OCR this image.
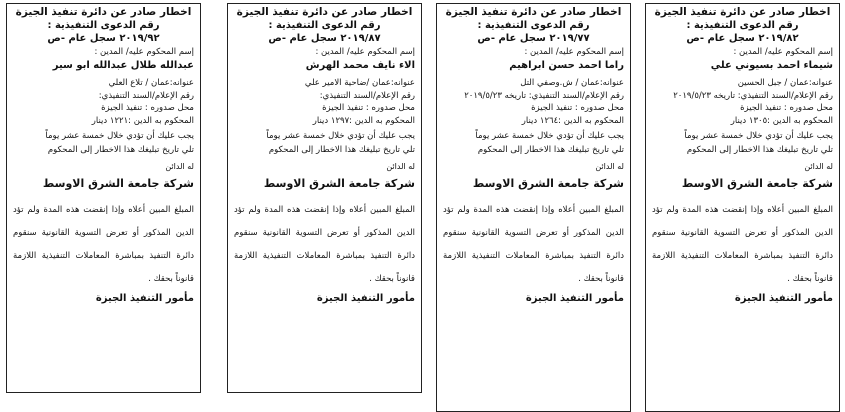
اخطار صادر عن دائرة تنفيذ الجيزة
رقم الدعوى التنفيذية :
٢٠١٩/٨٢ سجل عام -ص
إسم المحكوم عليه/ المدين :
شيماء احمد بسيوني علي
عنوانه:عمان / جبل الحسين
رقم الإعلام/السند التنفيذي: تاريخه ٢٠١٩/٥/٢٣
محل صدوره : تنفيذ الجيزة
المحكوم به الدين :١٣٠٥ دينار
يجب عليك أن تؤدي خلال خمسة عشر يوماً
تلي تاريخ تبليغك هذا الاخطار إلى المحكوم
له الدائن
شركة جامعة الشرق الاوسط

المبلغ المبين أعلاه وإذا إنقضت هذه المدة ولم تؤد الدين المذكور أو تعرض التسوية القانونية سنقوم دائرة التنفيذ بمباشرة المعاملات التنفيذية اللازمة قانوناً بحقك .

مأمور التنفيذ الجيزة
اخطار صادر عن دائرة تنفيذ الجيزة
رقم الدعوى التنفيذية :
٢٠١٩/٧٧ سجل عام -ص
إسم المحكوم عليه/ المدين :
راما احمد حسن ابراهيم
عنوانه:عمان / ش.وصفي التل
رقم الإعلام/السند التنفيذي: تاريخه ٢٠١٩/٥/٢٣
محل صدوره : تنفيذ الجيزة
المحكوم به الدين :١٢٦٤ دينار
يجب عليك أن تؤدي خلال خمسة عشر يوماً
تلي تاريخ تبليغك هذا الاخطار إلى المحكوم
له الدائن
شركة جامعة الشرق الاوسط

المبلغ المبين أعلاه وإذا إنقضت هذه المدة ولم تؤد الدين المذكور أو تعرض التسوية القانونية سنقوم دائرة التنفيذ بمباشرة المعاملات التنفيذية اللازمة قانوناً بحقك .

مأمور التنفيذ الجيزة
اخطار صادر عن دائرة تنفيذ الجيزة
رقم الدعوى التنفيذية :
٢٠١٩/٨٧ سجل عام -ص
إسم المحكوم عليه/ المدين :
الاء نايف محمد الهرش
عنوانه:عمان /ضاحية الامير علي
رقم الإعلام/السند التنفيذي:
محل صدوره : تنفيذ الجيزة
المحكوم به الدين :١٢٩٧ دينار
يجب عليك أن تؤدي خلال خمسة عشر يوماً
تلي تاريخ تبليغك هذا الاخطار إلى المحكوم
له الدائن
شركة جامعة الشرق الاوسط

المبلغ المبين أعلاه وإذا إنقضت هذه المدة ولم تؤد الدين المذكور أو تعرض التسوية القانونية سنقوم دائرة التنفيذ بمباشرة المعاملات التنفيذية اللازمة قانوناً بحقك .

مأمور التنفيذ الجيزة
اخطار صادر عن دائرة تنفيذ الجيزة
رقم الدعوى التنفيذية :
٢٠١٩/٩٢ سجل عام -ص
إسم المحكوم عليه/ المدين :
عبدالله طلال عبدالله ابو سير
عنوانه:عمان / تلاع العلي
رقم الإعلام/السند التنفيذي:
محل صدوره : تنفيذ الجيزة
المحكوم به الدين :١٢٢١ دينار
يجب عليك أن تؤدي خلال خمسة عشر يوماً
تلي تاريخ تبليغك هذا الاخطار إلى المحكوم
له الدائن
شركة جامعة الشرق الاوسط

المبلغ المبين أعلاه وإذا إنقضت هذه المدة ولم تؤد الدين المذكور أو تعرض التسوية القانونية سنقوم دائرة التنفيذ بمباشرة المعاملات التنفيذية اللازمة قانوناً بحقك .

مأمور التنفيذ الجيزة
